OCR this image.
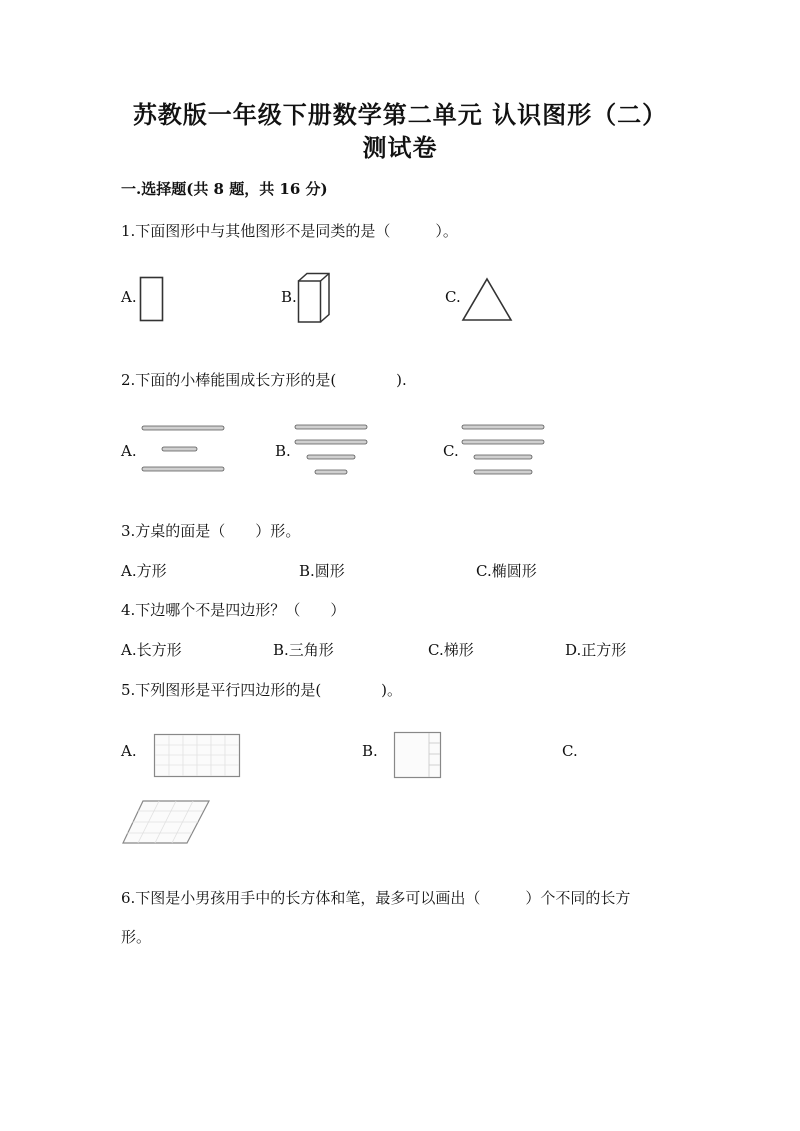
苏教版一年级下册数学第二单元 认识图形（二）
测试卷
一.选择题(共 8 题，共 16 分)
1.下面图形中与其他图形不是同类的是（　　　）。
A.	B.	C.
2.下面的小棒能围成长方形的是(　　　　).
A.	B.	C.
3.方桌的面是（　　）形。
A.方形	B.圆形	C.椭圆形
4.下边哪个不是四边形？（　　）
A.长方形	B.三角形	C.梯形	D.正方形
5.下列图形是平行四边形的是(　　　　)。
A.	B.	C.
6.下图是小男孩用手中的长方体和笔，最多可以画出（　　　）个不同的长方
形。
